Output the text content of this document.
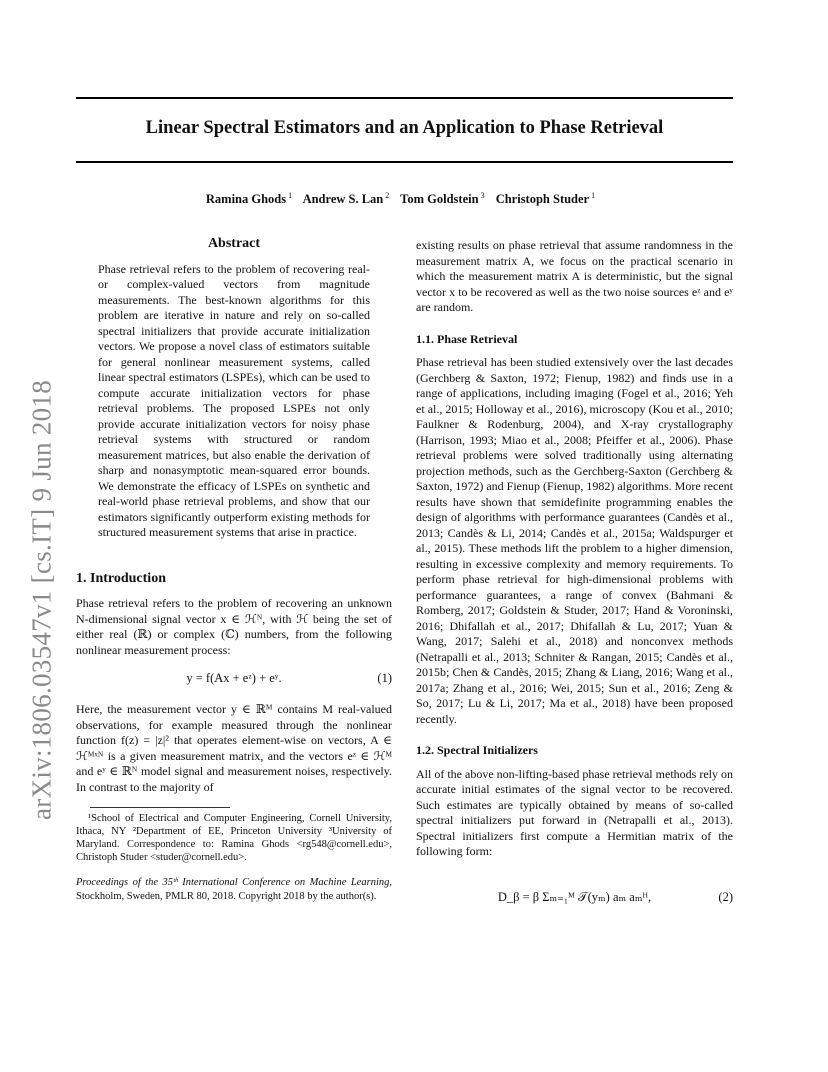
Linear Spectral Estimators and an Application to Phase Retrieval
Ramina Ghods $^1$ Andrew S. Lan $^2$ Tom Goldstein $^3$ Christoph Studer $^1$
arXiv:1806.03547v1 [cs.IT] 9 Jun 2018
Abstract

Phase retrieval refers to the problem of recovering real- or complex-valued vectors from magnitude measurements. The best-known algorithms for this problem are iterative in nature and rely on so-called spectral initializers that provide accurate initialization vectors. We propose a novel class of estimators suitable for general nonlinear measurement systems, called linear spectral estimators (LSPEs), which can be used to compute accurate initialization vectors for phase retrieval problems. The proposed LSPEs not only provide accurate initialization vectors for noisy phase retrieval systems with structured or random measurement matrices, but also enable the derivation of sharp and nonasymptotic mean-squared error bounds. We demonstrate the efficacy of LSPEs on synthetic and real-world phase retrieval problems, and show that our estimators significantly outperform existing methods for structured measurement systems that arise in practice.

1. Introduction

Phase retrieval refers to the problem of recovering an unknown N-dimensional signal vector x ∈ ℋᴺ, with ℋ being the set of either real (ℝ) or complex (ℂ) numbers, from the following nonlinear measurement process:

y = f(Ax + eᶻ) + eʸ.	(1)

Here, the measurement vector y ∈ ℝᴹ contains M real-valued observations, for example measured through the nonlinear function f(z) = |z|² that operates element-wise on vectors, A ∈ ℋᴹˣᴺ is a given measurement matrix, and the vectors eᶻ ∈ ℋᴹ and eʸ ∈ ℝᴺ model signal and measurement noises, respectively. In contrast to the majority of

¹School of Electrical and Computer Engineering, Cornell University, Ithaca, NY ²Department of EE, Princeton University ³University of Maryland. Correspondence to: Ramina Ghods <rg548@cornell.edu>, Christoph Studer <studer@cornell.edu>.

Proceedings of the 35ᵗʰ International Conference on Machine Learning, Stockholm, Sweden, PMLR 80, 2018. Copyright 2018 by the author(s).

existing results on phase retrieval that assume randomness in the measurement matrix A, we focus on the practical scenario in which the measurement matrix A is deterministic, but the signal vector x to be recovered as well as the two noise sources eᶻ and eʸ are random.

1.1. Phase Retrieval

Phase retrieval has been studied extensively over the last decades (Gerchberg & Saxton, 1972; Fienup, 1982) and finds use in a range of applications, including imaging (Fogel et al., 2016; Yeh et al., 2015; Holloway et al., 2016), microscopy (Kou et al., 2010; Faulkner & Rodenburg, 2004), and X-ray crystallography (Harrison, 1993; Miao et al., 2008; Pfeiffer et al., 2006). Phase retrieval problems were solved traditionally using alternating projection methods, such as the Gerchberg-Saxton (Gerchberg & Saxton, 1972) and Fienup (Fienup, 1982) algorithms. More recent results have shown that semidefinite programming enables the design of algorithms with performance guarantees (Candès et al., 2013; Candès & Li, 2014; Candès et al., 2015a; Waldspurger et al., 2015). These methods lift the problem to a higher dimension, resulting in excessive complexity and memory requirements. To perform phase retrieval for high-dimensional problems with performance guarantees, a range of convex (Bahmani & Romberg, 2017; Goldstein & Studer, 2017; Hand & Voroninski, 2016; Dhifallah et al., 2017; Dhifallah & Lu, 2017; Yuan & Wang, 2017; Salehi et al., 2018) and nonconvex methods (Netrapalli et al., 2013; Schniter & Rangan, 2015; Candès et al., 2015b; Chen & Candès, 2015; Zhang & Liang, 2016; Wang et al., 2017a; Zhang et al., 2016; Wei, 2015; Sun et al., 2016; Zeng & So, 2017; Lu & Li, 2017; Ma et al., 2018) have been proposed recently.

1.2. Spectral Initializers

All of the above non-lifting-based phase retrieval methods rely on accurate initial estimates of the signal vector to be recovered. Such estimates are typically obtained by means of so-called spectral initializers put forward in (Netrapalli et al., 2013). Spectral initializers first compute a Hermitian matrix of the following form:

D_β = β Σₘ₌₁ᴹ 𝒯(yₘ) aₘ aₘᴴ,	(2)
